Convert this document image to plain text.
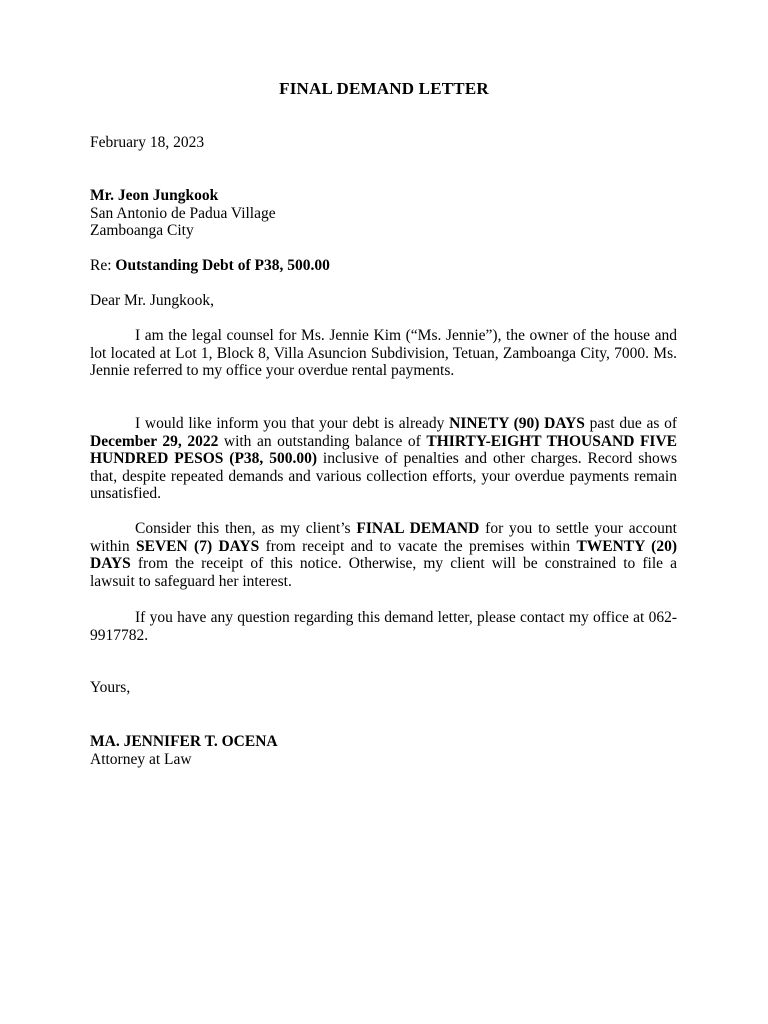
FINAL DEMAND LETTER
February 18, 2023
Mr. Jeon Jungkook
San Antonio de Padua Village
Zamboanga City
Re: Outstanding Debt of P38, 500.00
Dear Mr. Jungkook,
I am the legal counsel for Ms. Jennie Kim (“Ms. Jennie”), the owner of the house and lot located at Lot 1, Block 8, Villa Asuncion Subdivision, Tetuan, Zamboanga City, 7000. Ms. Jennie referred to my office your overdue rental payments.
I would like inform you that your debt is already NINETY (90) DAYS past due as of December 29, 2022 with an outstanding balance of THIRTY-EIGHT THOUSAND FIVE HUNDRED PESOS (P38, 500.00) inclusive of penalties and other charges. Record shows that, despite repeated demands and various collection efforts, your overdue payments remain unsatisfied.
Consider this then, as my client’s FINAL DEMAND for you to settle your account within SEVEN (7) DAYS from receipt and to vacate the premises within TWENTY (20) DAYS from the receipt of this notice. Otherwise, my client will be constrained to file a lawsuit to safeguard her interest.
If you have any question regarding this demand letter, please contact my office at 062-9917782.
Yours,
MA. JENNIFER T. OCENA
Attorney at Law
